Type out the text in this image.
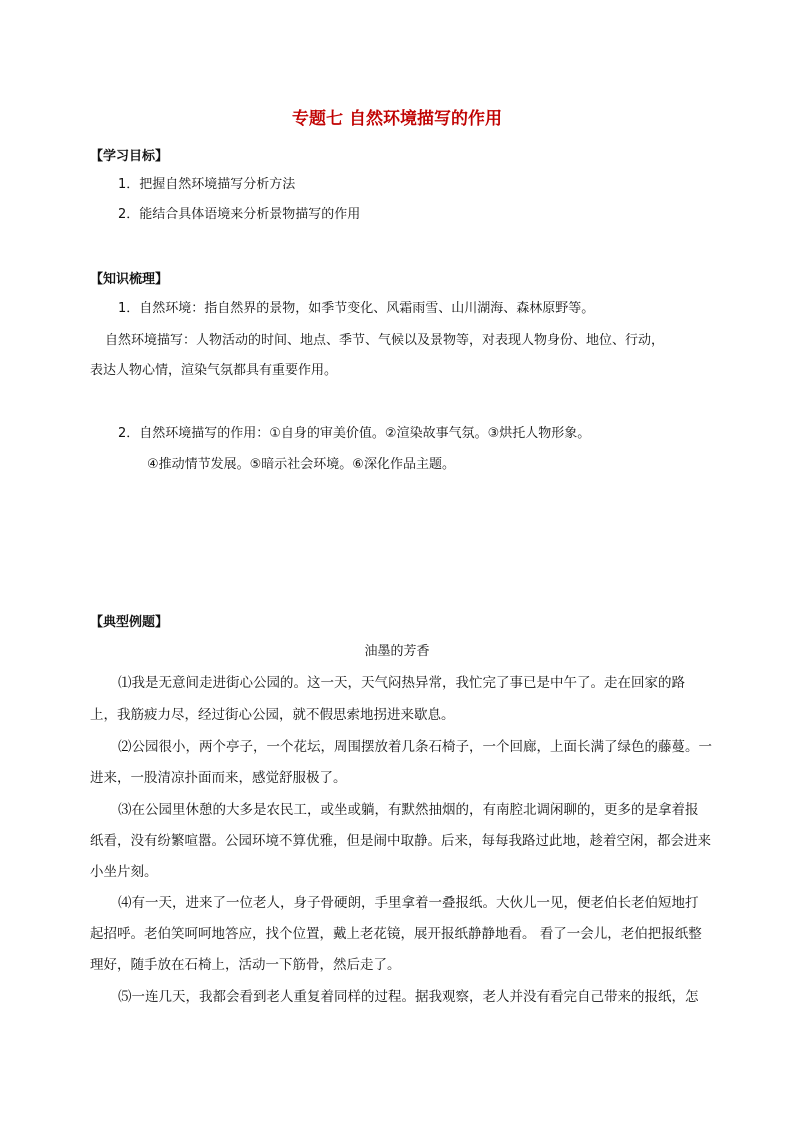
专题七 自然环境描写的作用
【学习目标】
1．把握自然环境描写分析方法
2．能结合具体语境来分析景物描写的作用
【知识梳理】
1．自然环境：指自然界的景物，如季节变化、风霜雨雪、山川湖海、森林原野等。
自然环境描写：人物活动的时间、地点、季节、气候以及景物等，对表现人物身份、地位、行动，
表达人物心情，渲染气氛都具有重要作用。
2．自然环境描写的作用：①自身的审美价值。②渲染故事气氛。③烘托人物形象。
④推动情节发展。⑤暗示社会环境。⑥深化作品主题。
【典型例题】
油墨的芳香
⑴我是无意间走进街心公园的。这一天，天气闷热异常，我忙完了事已是中午了。走在回家的路
上，我筋疲力尽，经过街心公园，就不假思索地拐进来歇息。
⑵公园很小，两个亭子，一个花坛，周围摆放着几条石椅子，一个回廊，上面长满了绿色的藤蔓。一
进来，一股清凉扑面而来，感觉舒服极了。
⑶在公园里休憩的大多是农民工，或坐或躺，有默然抽烟的，有南腔北调闲聊的，更多的是拿着报
纸看，没有纷繁喧嚣。公园环境不算优雅，但是闹中取静。后来，每每我路过此地，趁着空闲，都会进来
小坐片刻。
⑷有一天，进来了一位老人，身子骨硬朗，手里拿着一叠报纸。大伙儿一见，便老伯长老伯短地打
起招呼。老伯笑呵呵地答应，找个位置，戴上老花镜，展开报纸静静地看。 看了一会儿，老伯把报纸整
理好，随手放在石椅上，活动一下筋骨，然后走了。
⑸一连几天，我都会看到老人重复着同样的过程。据我观察，老人并没有看完自己带来的报纸，怎
